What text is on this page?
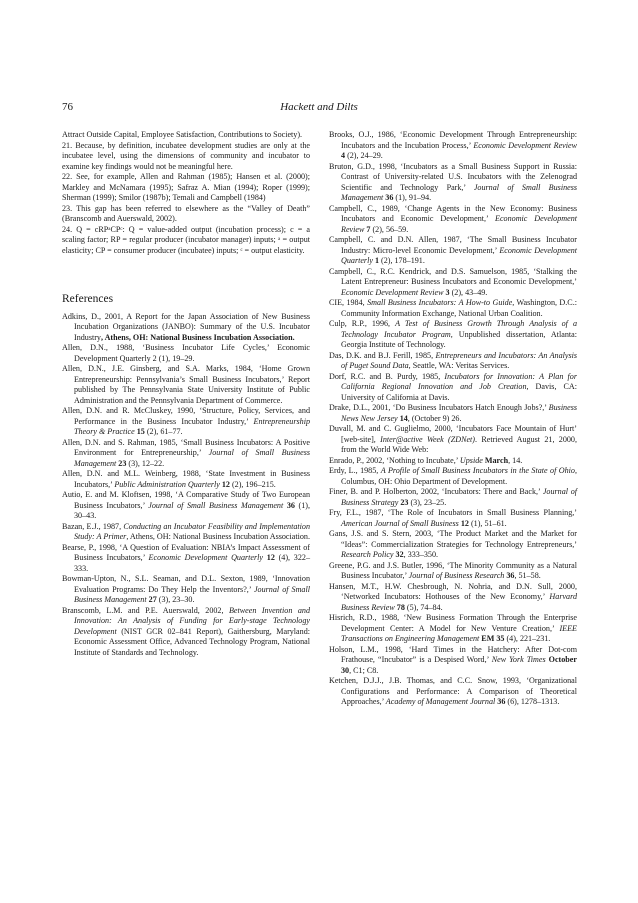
76	Hackett and Dilts

Attract Outside Capital, Employee Satisfaction, Contributions to Society).

21. Because, by definition, incubatee development studies are only at the incubatee level, using the dimensions of community and incubator to examine key findings would not be meaningful here.

22. See, for example, Allen and Rahman (1985); Hansen et al. (2000); Markley and McNamara (1995); Safraz A. Mian (1994); Roper (1999); Sherman (1999); Smilor (1987b); Temali and Campbell (1984)

23. This gap has been referred to elsewhere as the “Valley of Death” (Branscomb and Auerswald, 2002).

24. Q = cRPᵃCPᶜ: Q = value-added output (incubation process); c = a scaling factor; RP = regular producer (incubator manager) inputs; ᵃ = output elasticity; CP = consumer producer (incubatee) inputs; ᶜ = output elasticity.

References

Adkins, D., 2001, A Report for the Japan Association of New Business Incubation Organizations (JANBO): Summary of the U.S. Incubator Industry, Athens, OH: National Business Incubation Association.

Allen, D.N., 1988, ‘Business Incubator Life Cycles,’ Economic Development Quarterly 2 (1), 19–29.

Allen, D.N., J.E. Ginsberg, and S.A. Marks, 1984, ‘Home Grown Entrepreneurship: Pennsylvania’s Small Business Incubators,’ Report published by The Pennsylvania State University Institute of Public Administration and the Pennsylvania Department of Commerce.

Allen, D.N. and R. McCluskey, 1990, ‘Structure, Policy, Services, and Performance in the Business Incubator Industry,’ Entrepreneurship Theory & Practice 15 (2), 61–77.

Allen, D.N. and S. Rahman, 1985, ‘Small Business Incubators: A Positive Environment for Entrepreneurship,’ Journal of Small Business Management 23 (3), 12–22.

Allen, D.N. and M.L. Weinberg, 1988, ‘State Investment in Business Incubators,’ Public Administration Quarterly 12 (2), 196–215.

Autio, E. and M. Kloftsen, 1998, ‘A Comparative Study of Two European Business Incubators,’ Journal of Small Business Management 36 (1), 30–43.

Bazan, E.J., 1987, Conducting an Incubator Feasibility and Implementation Study: A Primer, Athens, OH: National Business Incubation Association.

Bearse, P., 1998, ‘A Question of Evaluation: NBIA’s Impact Assessment of Business Incubators,’ Economic Development Quarterly 12 (4), 322–333.

Bowman-Upton, N., S.L. Seaman, and D.L. Sexton, 1989, ‘Innovation Evaluation Programs: Do They Help the Inventors?,’ Journal of Small Business Management 27 (3), 23–30.

Branscomb, L.M. and P.E. Auerswald, 2002, Between Invention and Innovation: An Analysis of Funding for Early-stage Technology Development (NIST GCR 02–841 Report), Gaithersburg, Maryland: Economic Assessment Office, Advanced Technology Program, National Institute of Standards and Technology.

Brooks, O.J., 1986, ‘Economic Development Through Entrepreneurship: Incubators and the Incubation Process,’ Economic Development Review 4 (2), 24–29.

Bruton, G.D., 1998, ‘Incubators as a Small Business Support in Russia: Contrast of University-related U.S. Incubators with the Zelenograd Scientific and Technology Park,’ Journal of Small Business Management 36 (1), 91–94.

Campbell, C., 1989, ‘Change Agents in the New Economy: Business Incubators and Economic Development,’ Economic Development Review 7 (2), 56–59.

Campbell, C. and D.N. Allen, 1987, ‘The Small Business Incubator Industry: Micro-level Economic Development,’ Economic Development Quarterly 1 (2), 178–191.

Campbell, C., R.C. Kendrick, and D.S. Samuelson, 1985, ‘Stalking the Latent Entrepreneur: Business Incubators and Economic Development,’ Economic Development Review 3 (2), 43–49.

CIE, 1984, Small Business Incubators: A How-to Guide, Washington, D.C.: Community Information Exchange, National Urban Coalition.

Culp, R.P., 1996, A Test of Business Growth Through Analysis of a Technology Incubator Program, Unpublished dissertation, Atlanta: Georgia Institute of Technology.

Das, D.K. and B.J. Ferill, 1985, Entrepreneurs and Incubators: An Analysis of Puget Sound Data, Seattle, WA: Veritas Services.

Dorf, R.C. and B. Purdy, 1985, Incubators for Innovation: A Plan for California Regional Innovation and Job Creation, Davis, CA: University of California at Davis.

Drake, D.L., 2001, ‘Do Business Incubators Hatch Enough Jobs?,’ Business News New Jersey 14, (October 9) 26.

Duvall, M. and C. Guglielmo, 2000, ‘Incubators Face Mountain of Hurt’ [web-site], Inter@active Week (ZDNet). Retrieved August 21, 2000, from the World Wide Web:

Enrado, P., 2002, ‘Nothing to Incubate,’ Upside March, 14.

Erdy, L., 1985, A Profile of Small Business Incubators in the State of Ohio, Columbus, OH: Ohio Department of Development.

Finer, B. and P. Holberton, 2002, ‘Incubators: There and Back,’ Journal of Business Strategy 23 (3), 23–25.

Fry, F.L., 1987, ‘The Role of Incubators in Small Business Planning,’ American Journal of Small Business 12 (1), 51–61.

Gans, J.S. and S. Stern, 2003, ‘The Product Market and the Market for “Ideas”: Commercialization Strategies for Technology Entrepreneurs,’ Research Policy 32, 333–350.

Greene, P.G. and J.S. Butler, 1996, ‘The Minority Community as a Natural Business Incubator,’ Journal of Business Research 36, 51–58.

Hansen, M.T., H.W. Chesbrough, N. Nohria, and D.N. Sull, 2000, ‘Networked Incubators: Hothouses of the New Economy,’ Harvard Business Review 78 (5), 74–84.

Hisrich, R.D., 1988, ‘New Business Formation Through the Enterprise Development Center: A Model for New Venture Creation,’ IEEE Transactions on Engineering Management EM 35 (4), 221–231.

Holson, L.M., 1998, ‘Hard Times in the Hatchery: After Dot-com Frathouse, “Incubator” is a Despised Word,’ New York Times October 30, C1; C8.

Ketchen, D.J.J., J.B. Thomas, and C.C. Snow, 1993, ‘Organizational Configurations and Performance: A Comparison of Theoretical Approaches,’ Academy of Management Journal 36 (6), 1278–1313.
